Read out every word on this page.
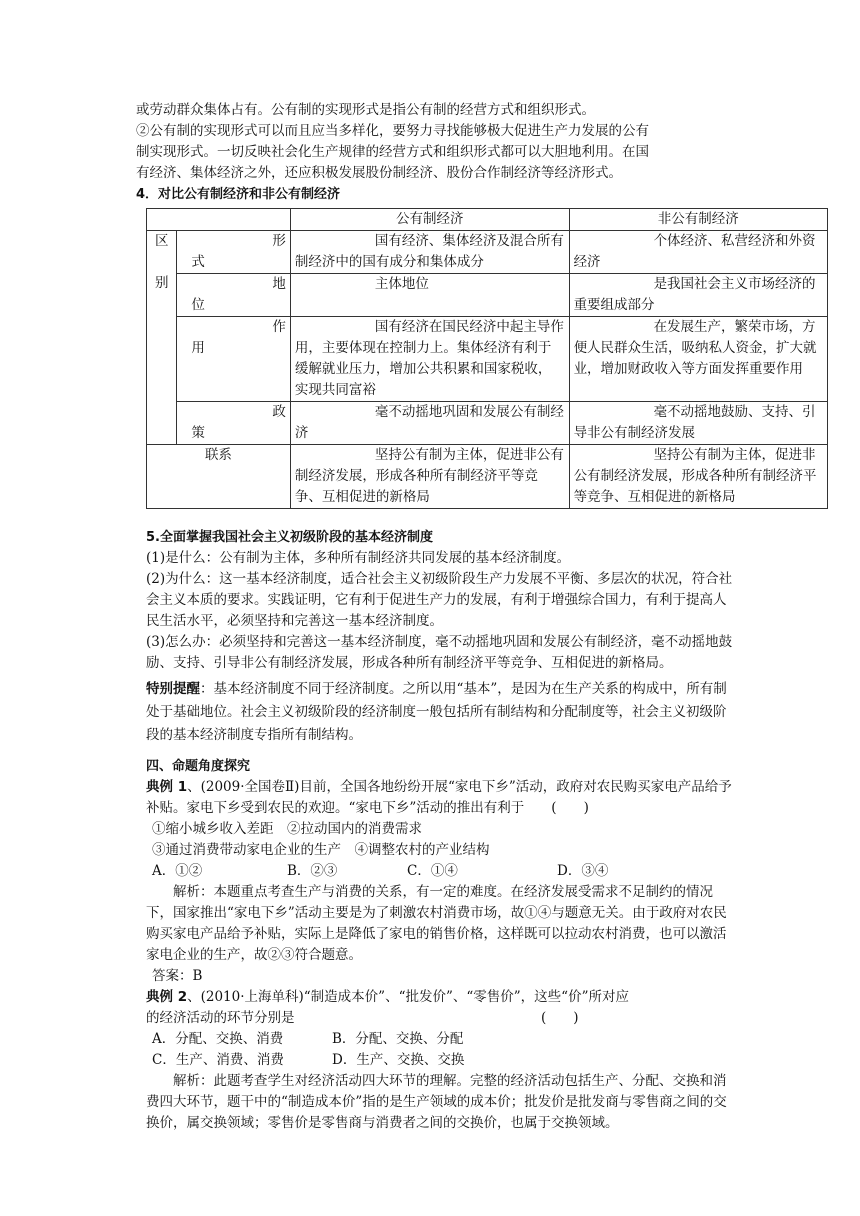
或劳动群众集体占有。公有制的实现形式是指公有制的经营方式和组织形式。

②公有制的实现形式可以而且应当多样化，要努力寻找能够极大促进生产力发展的公有

制实现形式。一切反映社会化生产规律的经营方式和组织形式都可以大胆地利用。在国

有经济、集体经济之外，还应积极发展股份制经济、股份合作制经济等经济形式。

4．对比公有制经济和非公有制经济

		公有制经济	非公有制经济

区

别	形
式	国有经济、集体经济及混合所有制经济中的国有成分和集体成分	个体经济、私营经济和外资经济

	地
位	主体地位	是我国社会主义市场经济的重要组成部分

	作
用	国有经济在国民经济中起主导作用，主要体现在控制力上。集体经济有利于缓解就业压力，增加公共积累和国家税收，实现共同富裕	在发展生产，繁荣市场，方便人民群众生活，吸纳私人资金，扩大就业，增加财政收入等方面发挥重要作用

	政
策	毫不动摇地巩固和发展公有制经济	毫不动摇地鼓励、支持、引导非公有制经济发展
联系		坚持公有制为主体，促进非公有制经济发展，形成各种所有制经济平等竞争、互相促进的新格局	坚持公有制为主体，促进非公有制经济发展，形成各种所有制经济平等竞争、互相促进的新格局

5.全面掌握我国社会主义初级阶段的基本经济制度

(1)是什么：公有制为主体，多种所有制经济共同发展的基本经济制度。

(2)为什么：这一基本经济制度，适合社会主义初级阶段生产力发展不平衡、多层次的状况，符合社会主义本质的要求。实践证明，它有利于促进生产力的发展，有利于增强综合国力，有利于提高人民生活水平，必须坚持和完善这一基本经济制度。

(3)怎么办：必须坚持和完善这一基本经济制度，毫不动摇地巩固和发展公有制经济，毫不动摇地鼓励、支持、引导非公有制经济发展，形成各种所有制经济平等竞争、互相促进的新格局。

特别提醒：基本经济制度不同于经济制度。之所以用“基本”，是因为在生产关系的构成中，所有制处于基础地位。社会主义初级阶段的经济制度一般包括所有制结构和分配制度等，社会主义初级阶段的基本经济制度专指所有制结构。

四、命题角度探究

典例 1、(2009·全国卷Ⅱ)目前，全国各地纷纷开展“家电下乡”活动，政府对农民购买家电产品给予补贴。家电下乡受到农民的欢迎。“家电下乡”活动的推出有利于　　(　　)

①缩小城乡收入差距　②拉动国内的消费需求

③通过消费带动家电企业的生产　④调整农村的产业结构

A．①②	B．②③	C．①④	D．③④

解析：本题重点考查生产与消费的关系，有一定的难度。在经济发展受需求不足制约的情况下，国家推出“家电下乡”活动主要是为了刺激农村消费市场，故①④与题意无关。由于政府对农民购买家电产品给予补贴，实际上是降低了家电的销售价格，这样既可以拉动农村消费，也可以激活家电企业的生产，故②③符合题意。

答案：B

典例 2、(2010·上海单科)“制造成本价”、“批发价”、“零售价”，这些“价”所对应

的经济活动的环节分别是	(　　)

A．分配、交换、消费	B．分配、交换、分配

C．生产、消费、消费	D．生产、交换、交换

解析：此题考查学生对经济活动四大环节的理解。完整的经济活动包括生产、分配、交换和消费四大环节，题干中的“制造成本价”指的是生产领域的成本价；批发价是批发商与零售商之间的交换价，属交换领域；零售价是零售商与消费者之间的交换价，也属于交换领域。
